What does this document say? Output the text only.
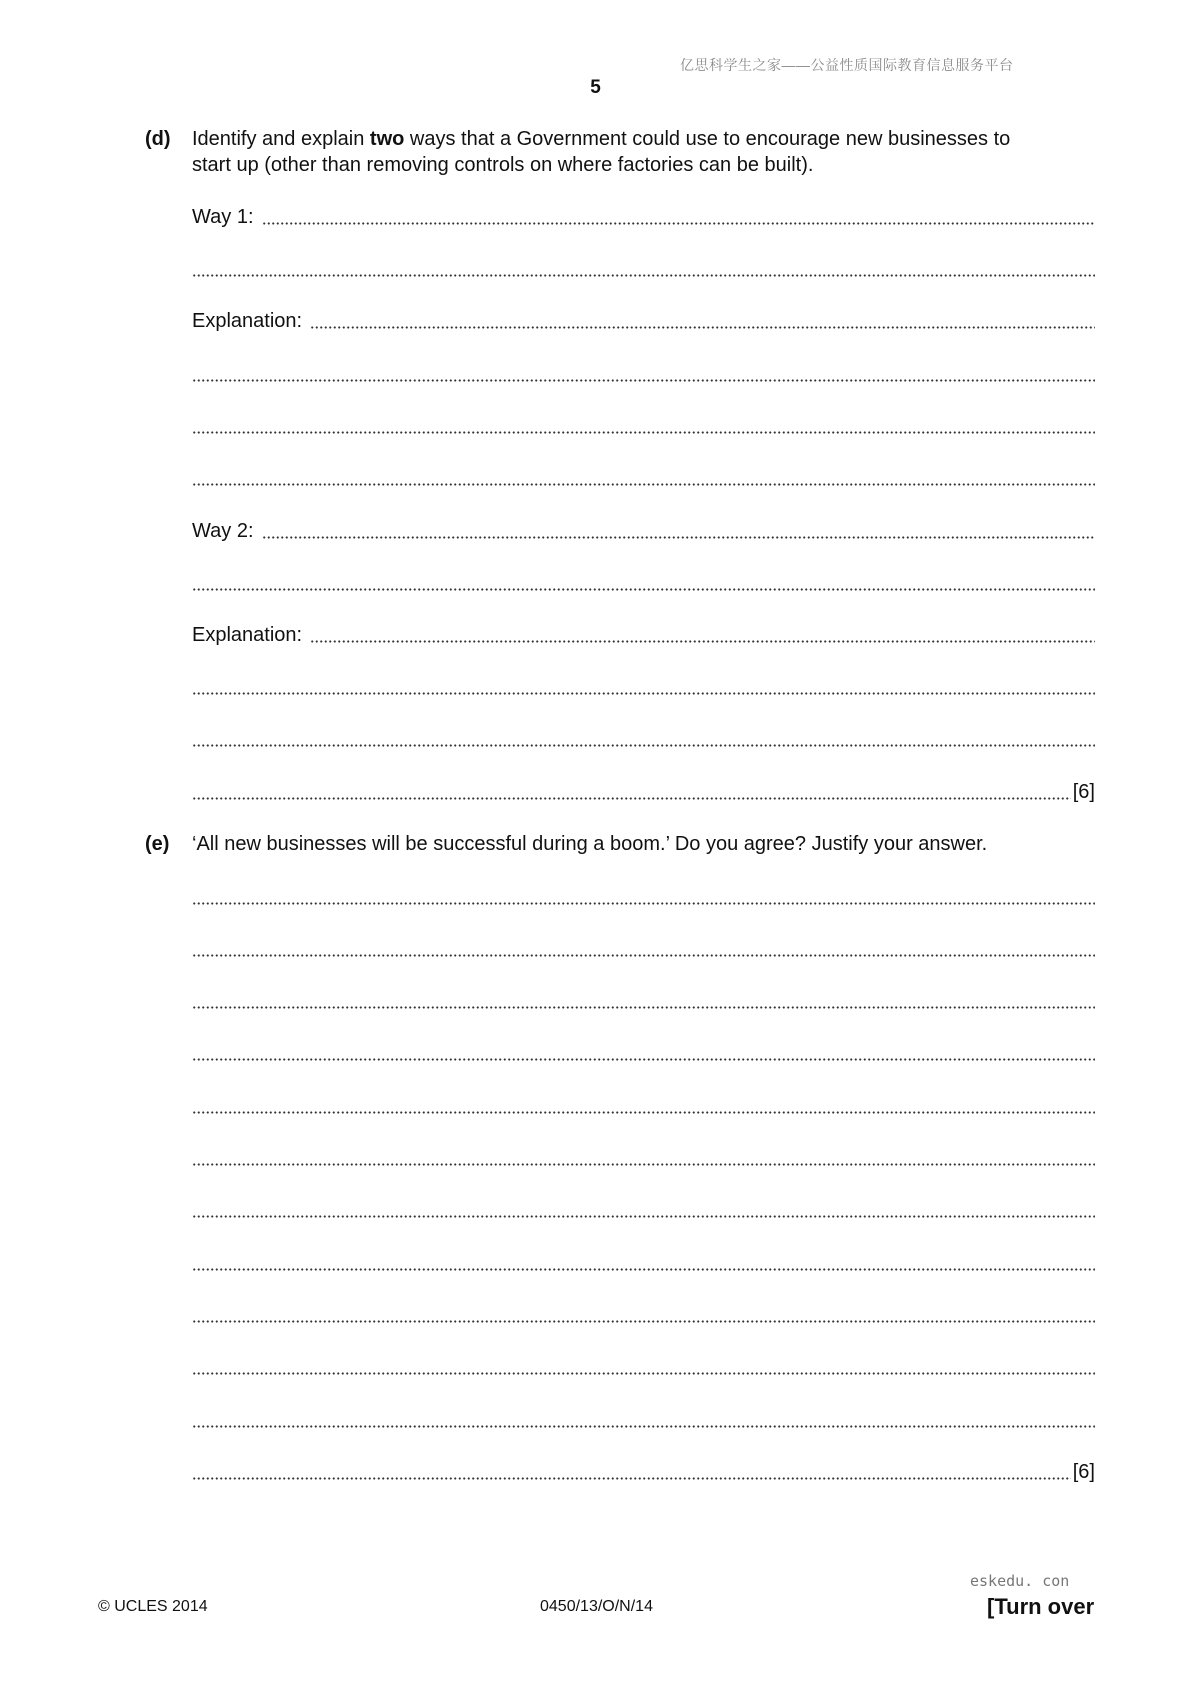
亿思科学生之家——公益性质国际教育信息服务平台
5
(d) Identify and explain two ways that a Government could use to encourage new businesses to
start up (other than removing controls on where factories can be built).
Way 1:
Explanation:
Way 2:
Explanation:
[6]
(e) ‘All new businesses will be successful during a boom.’ Do you agree? Justify your answer.
[6]
eskedu. con
© UCLES 2014	0450/13/O/N/14	[Turn over
